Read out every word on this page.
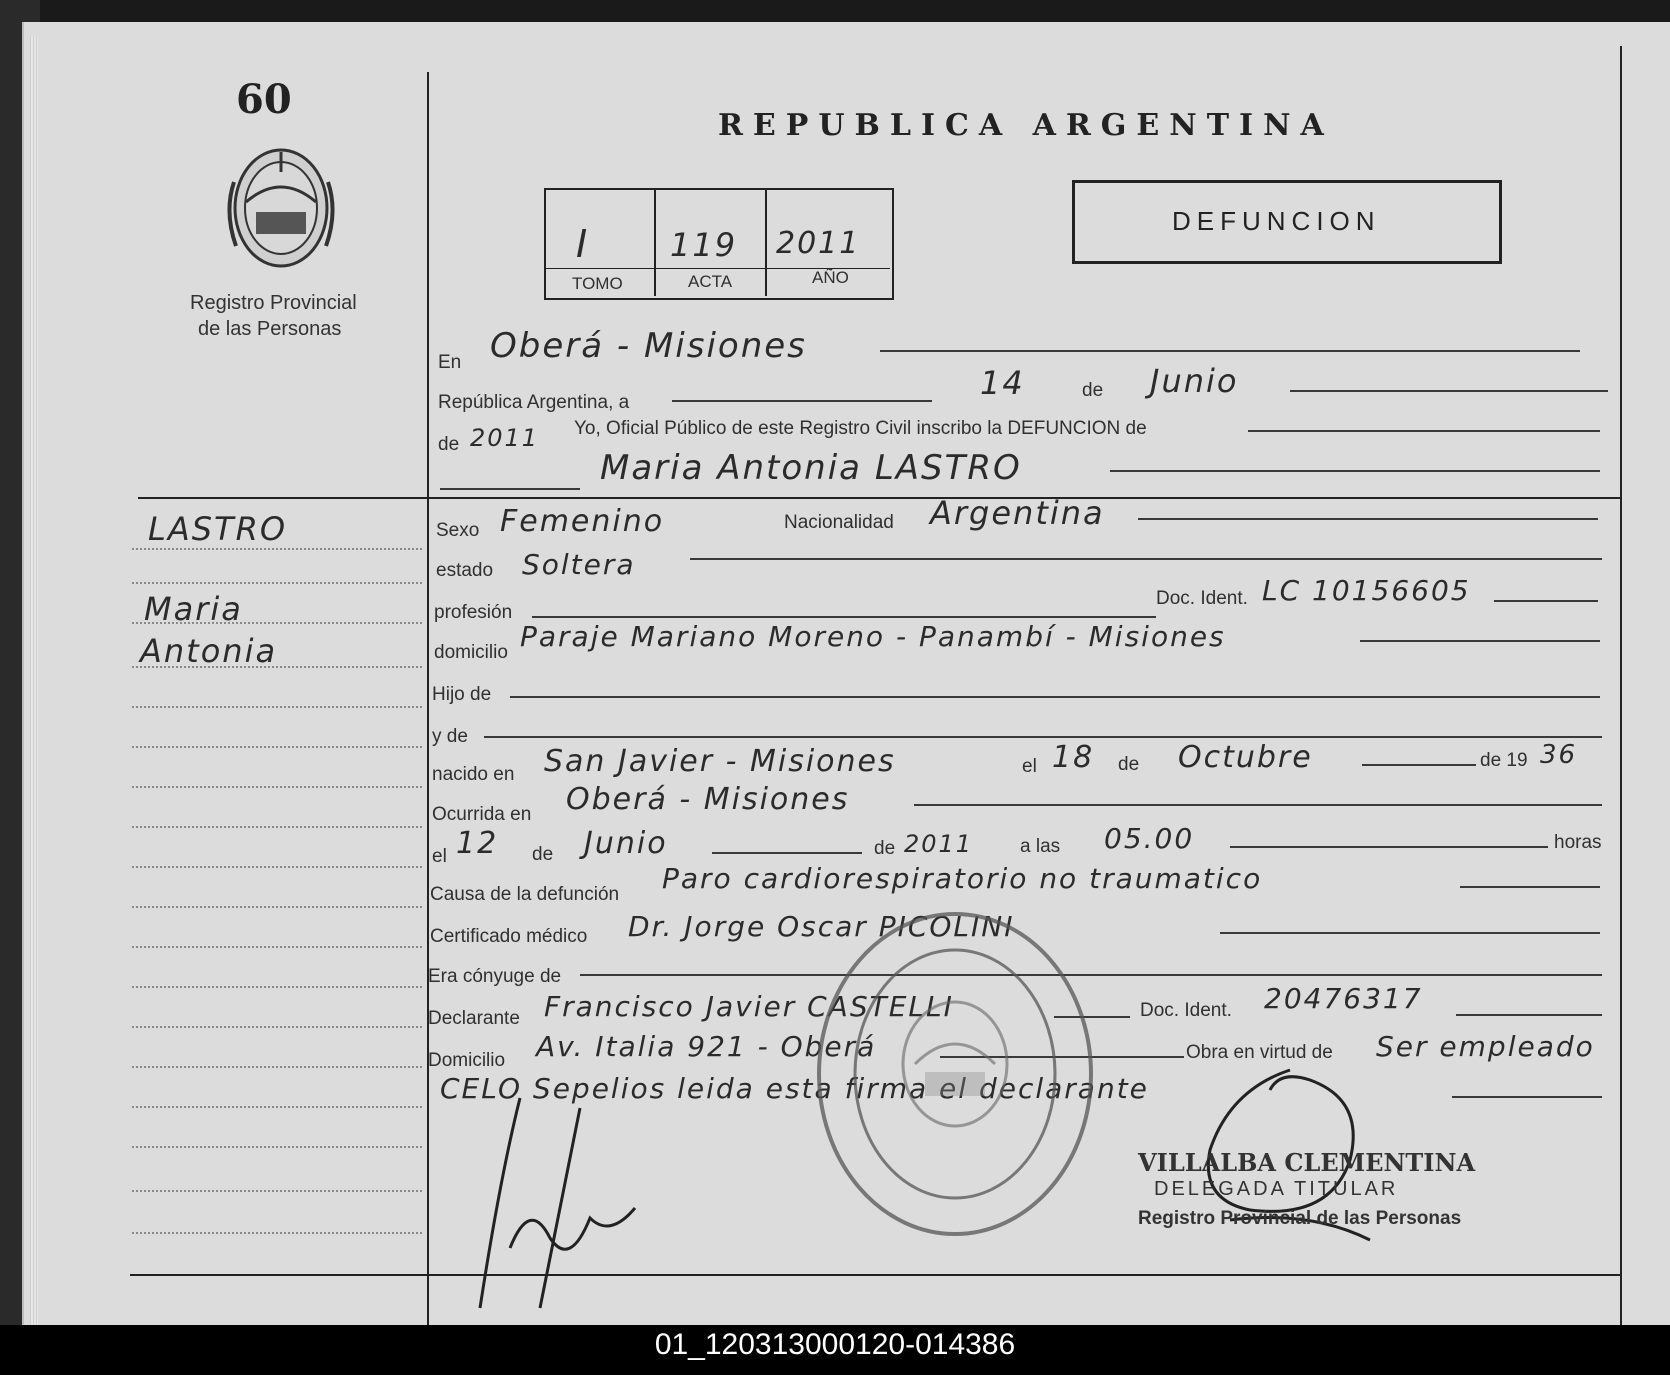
60
Registro Provincial
de las Personas
REPUBLICA ARGENTINA
I	119 2011
TOMO	ACTA	AÑO
DEFUNCION
En Oberá - Misiones
República Argentina, a
14	de Junio
de 2011 Yo, Oficial Público de este Registro Civil inscribo la DEFUNCION de
Maria Antonia LASTRO
LASTRO
Maria
Antonia
Sexo Femenino	Nacionalidad Argentina
estado Soltera
profesión
Doc. Ident. LC 10156605
domicilio Paraje Mariano Moreno - Panambí - Misiones
Hijo de
y de
nacido en San Javier - Misiones	el 18 de Octubre	de 19 36
Ocurrida en Oberá - Misiones
el 12 de Junio	de 2011 a las 05.00	horas
Causa de la defunción Paro cardiorespiratorio no traumatico
Certificado médico Dr. Jorge Oscar PICOLINI
Era cónyuge de
Declarante Francisco Javier CASTELLI	Doc. Ident. 20476317
Domicilio Av. Italia 921 - Oberá	Obra en virtud de Ser empleado
CELO Sepelios leida esta firma el declarante
VILLALBA CLEMENTINA
DELEGADA TITULAR
Registro Provincial de las Personas
01_120313000120-014386
